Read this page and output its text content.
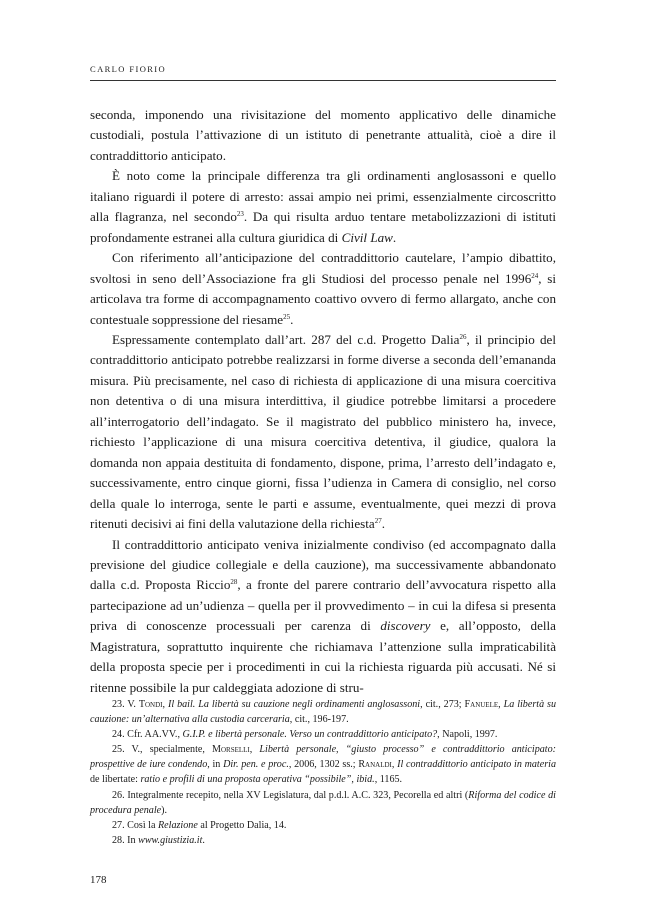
CARLO FIORIO

seconda, imponendo una rivisitazione del momento applicativo delle dinamiche custodiali, postula l’attivazione di un istituto di penetrante attualità, cioè a dire il contraddittorio anticipato.

È noto come la principale differenza tra gli ordinamenti anglosassoni e quello italiano riguardi il potere di arresto: assai ampio nei primi, essenzialmente circoscritto alla flagranza, nel secondo$^{23}$. Da qui risulta arduo tentare metabolizzazioni di istituti profondamente estranei alla cultura giuridica di Civil Law.

Con riferimento all’anticipazione del contraddittorio cautelare, l’ampio dibattito, svoltosi in seno dell’Associazione fra gli Studiosi del processo penale nel 1996$^{24}$, si articolava tra forme di accompagnamento coattivo ovvero di fermo allargato, anche con contestuale soppressione del riesame$^{25}$.

Espressamente contemplato dall’art. 287 del c.d. Progetto Dalia$^{26}$, il principio del contraddittorio anticipato potrebbe realizzarsi in forme diverse a seconda dell’emananda misura. Più precisamente, nel caso di richiesta di applicazione di una misura coercitiva non detentiva o di una misura interdittiva, il giudice potrebbe limitarsi a procedere all’interrogatorio dell’indagato. Se il magistrato del pubblico ministero ha, invece, richiesto l’applicazione di una misura coercitiva detentiva, il giudice, qualora la domanda non appaia destituita di fondamento, dispone, prima, l’arresto dell’indagato e, successivamente, entro cinque giorni, fissa l’udienza in Camera di consiglio, nel corso della quale lo interroga, sente le parti e assume, eventualmente, quei mezzi di prova ritenuti decisivi ai fini della valutazione della richiesta$^{27}$.

Il contraddittorio anticipato veniva inizialmente condiviso (ed accompagnato dalla previsione del giudice collegiale e della cauzione), ma successivamente abbandonato dalla c.d. Proposta Riccio$^{28}$, a fronte del parere contrario dell’avvocatura rispetto alla partecipazione ad un’udienza – quella per il provvedimento – in cui la difesa si presenta priva di conoscenze processuali per carenza di discovery e, all’opposto, della Magistratura, soprattutto inquirente che richiamava l’attenzione sulla impraticabilità della proposta specie per i procedimenti in cui la richiesta riguarda più accusati. Né si ritenne possibile la pur caldeggiata adozione di stru-

23. V. Tondi, Il bail. La libertà su cauzione negli ordinamenti anglosassoni, cit., 273; Fanuele, La libertà su cauzione: un’alternativa alla custodia carceraria, cit., 196-197.

24. Cfr. AA.VV., G.I.P. e libertà personale. Verso un contraddittorio anticipato?, Napoli, 1997.

25. V., specialmente, Morselli, Libertà personale, “giusto processo” e contraddittorio anticipato: prospettive de iure condendo, in Dir. pen. e proc., 2006, 1302 ss.; Ranaldi, Il contraddittorio anticipato in materia de libertate: ratio e profili di una proposta operativa “possibile”, ibid., 1165.

26. Integralmente recepito, nella XV Legislatura, dal p.d.l. A.C. 323, Pecorella ed altri (Riforma del codice di procedura penale).

27. Così la Relazione al Progetto Dalia, 14.

28. In www.giustizia.it.

178
